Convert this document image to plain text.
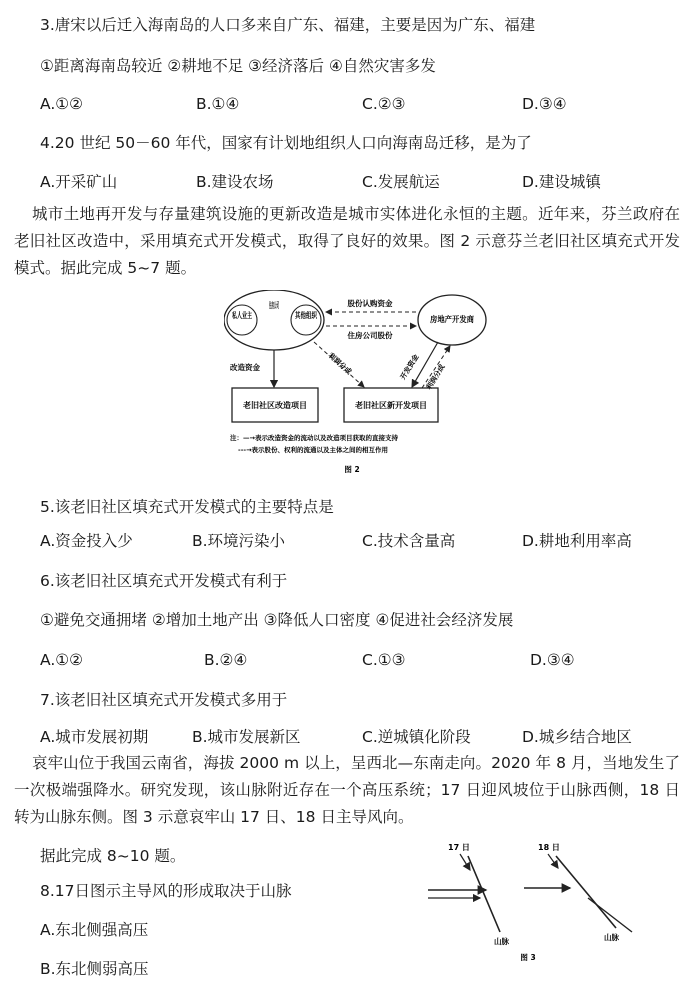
3.唐宋以后迁入海南岛的人口多来自广东、福建，主要是因为广东、福建
①距离海南岛较近 ②耕地不足 ③经济落后 ④自然灾害多发
A.①②	B.①④	C.②③	D.③④
4.20 世纪 50－60 年代，国家有计划地组织人口向海南岛迁移，是为了
A.开采矿山	B.建设农场	C.发展航运	D.建设城镇
城市土地再开发与存量建筑设施的更新改造是城市实体进化永恒的主题。近年来，芬兰政府在老旧社区改造中，采用填充式开发模式，取得了良好的效果。图 2 示意芬兰老旧社区填充式开发模式。据此完成 5~7 题。
私人业主
住房公司
其他组织	房地产开发商
股份认购资金
住房公司股份
老旧社区改造项目	老旧社区新开发项目
改造资金	利润分成	开发资金 利润分成
注：—→表示改造资金的流动以及改造项目获取的直接支持
---→表示股份、权利的流通以及主体之间的相互作用
图 2
5.该老旧社区填充式开发模式的主要特点是
A.资金投入少	B.环境污染小	C.技术含量高	D.耕地利用率高
6.该老旧社区填充式开发模式有利于
①避免交通拥堵 ②增加土地产出 ③降低人口密度 ④促进社会经济发展
A.①②	B.②④	C.①③	D.③④
7.该老旧社区填充式开发模式多用于
A.城市发展初期	B.城市发展新区	C.逆城镇化阶段	D.城乡结合地区
哀牢山位于我国云南省，海拔 2000 m 以上，呈西北—东南走向。2020 年 8 月，当地发生了一次极端强降水。研究发现，该山脉附近存在一个高压系统；17 日迎风坡位于山脉西侧，18 日转为山脉东侧。图 3 示意哀牢山 17 日、18 日主导风向。
据此完成 8~10 题。
8.17日图示主导风的形成取决于山脉
A.东北侧强高压
B.东北侧弱高压
17 日	18 日
山脉	山脉
图 3
